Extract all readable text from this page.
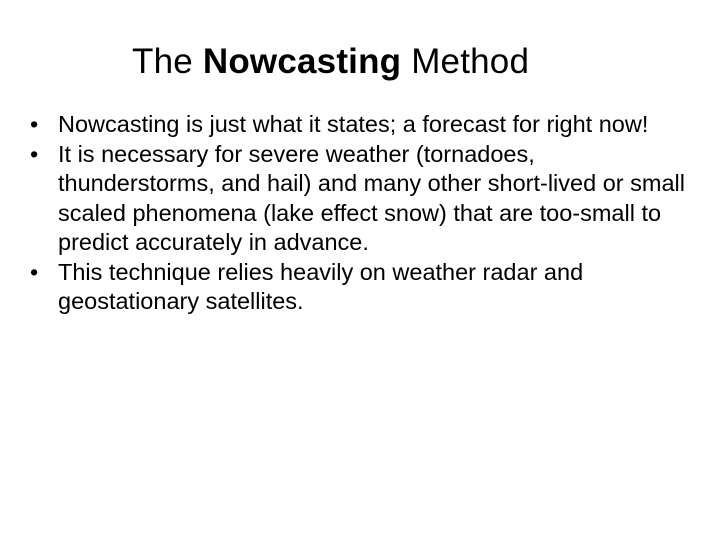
The Nowcasting Method
• Nowcasting is just what it states; a forecast for right now!
• It is necessary for severe weather (tornadoes, thunderstorms, and hail) and many other short-lived or small scaled phenomena (lake effect snow) that are too-small to predict accurately in advance.
• This technique relies heavily on weather radar and geostationary satellites.
